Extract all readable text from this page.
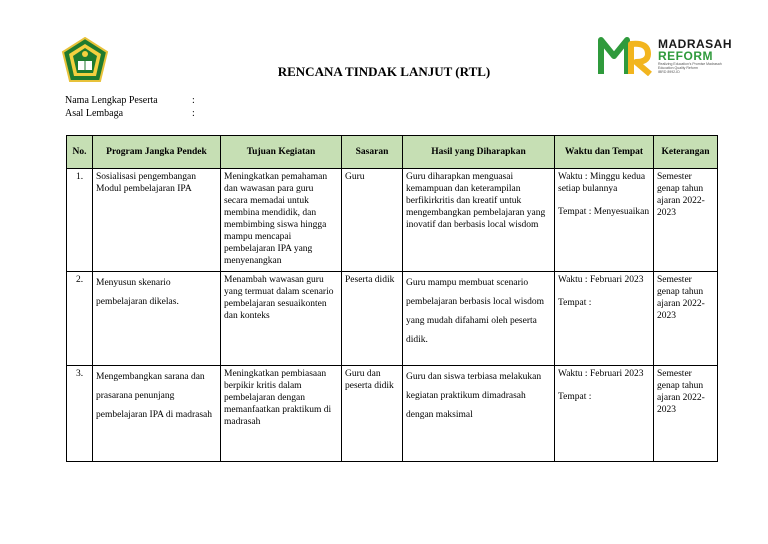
MADRASAH
REFORM
Realizing Education's Promise Madrasah Education Quality Reform
IBRD 8992-ID
RENCANA TINDAK LANJUT (RTL)
Nama Lengkap Peserta	:
Asal Lembaga	:
No.	Program Jangka Pendek	Tujuan Kegiatan	Sasaran	Hasil yang Diharapkan	Waktu dan Tempat	Keterangan
1.	Sosialisasi pengembangan Modul pembelajaran IPA	Meningkatkan pemahaman dan wawasan para guru secara memadai untuk membina mendidik, dan membimbing siswa hingga mampu mencapai pembelajaran IPA yang menyenangkan	Guru	Guru diharapkan menguasai kemampuan dan keterampilan berfikirkritis dan kreatif untuk mengembangkan pembelajaran yang inovatif dan berbasis local wisdom	Waktu : Minggu kedua setiap bulannya
Tempat : Menyesuaikan	Semester genap tahun ajaran 2022-2023
2.	Menyusun skenario pembelajaran dikelas.	Menambah wawasan guru yang termuat dalam scenario pembelajaran sesuaikonten dan konteks	Peserta didik	Guru mampu membuat scenario pembelajaran berbasis local wisdom yang mudah difahami oleh peserta didik.	Waktu : Februari 2023
Tempat :	Semester genap tahun ajaran 2022-2023
3.	Mengembangkan sarana dan prasarana penunjang pembelajaran IPA di madrasah	Meningkatkan pembiasaan berpikir kritis dalam pembelajaran dengan memanfaatkan praktikum di madrasah	Guru dan peserta didik	Guru dan siswa terbiasa melakukan kegiatan praktikum dimadrasah dengan maksimal	Waktu : Februari 2023
Tempat :	Semester genap tahun ajaran 2022-2023
